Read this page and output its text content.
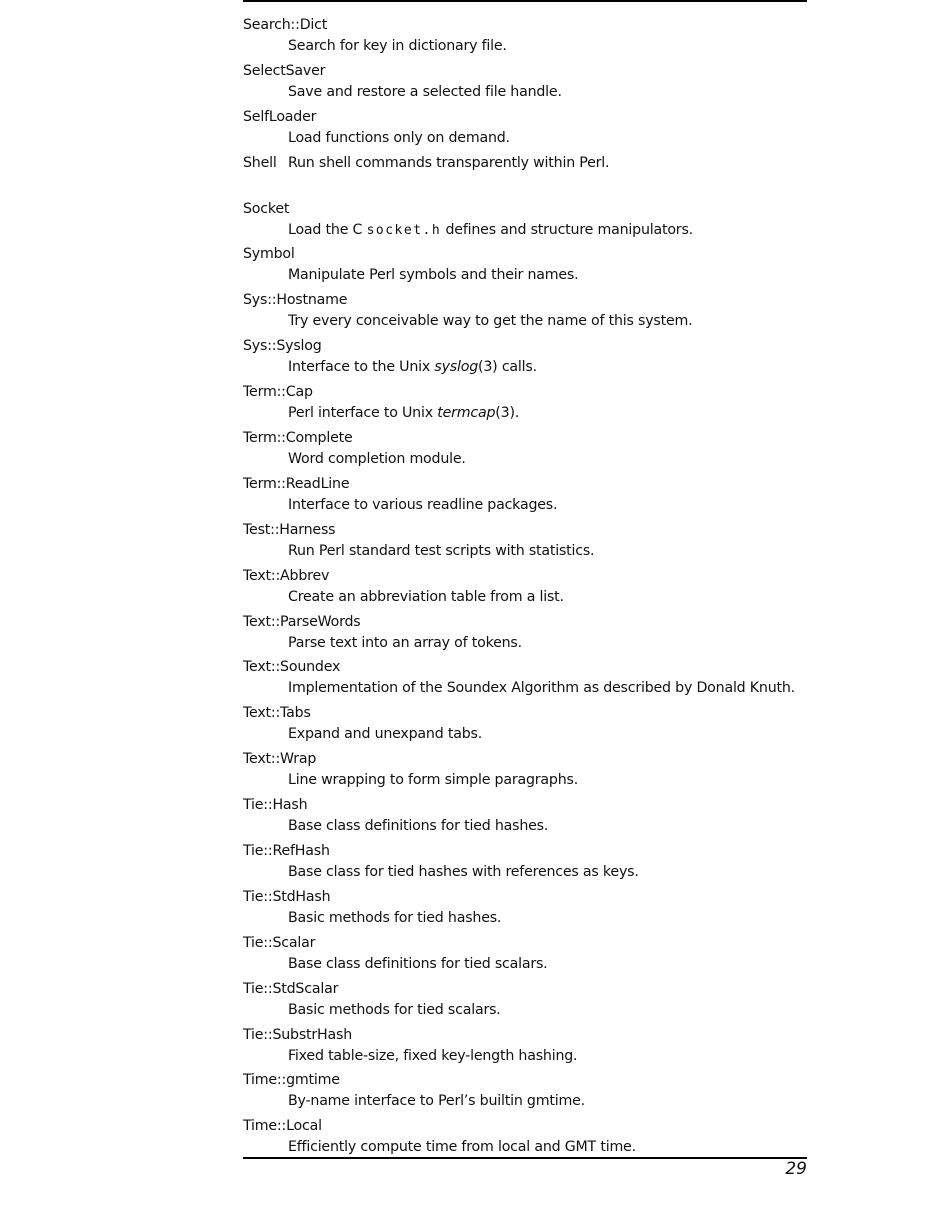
Search::Dict
Search for key in dictionary file.
SelectSaver
Save and restore a selected file handle.
SelfLoader
Load functions only on demand.
Shell Run shell commands transparently within Perl.
Socket
Load the C socket.h defines and structure manipulators.
Symbol
Manipulate Perl symbols and their names.
Sys::Hostname
Try every conceivable way to get the name of this system.
Sys::Syslog
Interface to the Unix syslog(3) calls.
Term::Cap
Perl interface to Unix termcap(3).
Term::Complete
Word completion module.
Term::ReadLine
Interface to various readline packages.
Test::Harness
Run Perl standard test scripts with statistics.
Text::Abbrev
Create an abbreviation table from a list.
Text::ParseWords
Parse text into an array of tokens.
Text::Soundex
Implementation of the Soundex Algorithm as described by Donald Knuth.
Text::Tabs
Expand and unexpand tabs.
Text::Wrap
Line wrapping to form simple paragraphs.
Tie::Hash
Base class definitions for tied hashes.
Tie::RefHash
Base class for tied hashes with references as keys.
Tie::StdHash
Basic methods for tied hashes.
Tie::Scalar
Base class definitions for tied scalars.
Tie::StdScalar
Basic methods for tied scalars.
Tie::SubstrHash
Fixed table-size, fixed key-length hashing.
Time::gmtime
By-name interface to Perl’s builtin gmtime.
Time::Local
Efficiently compute time from local and GMT time.
29
